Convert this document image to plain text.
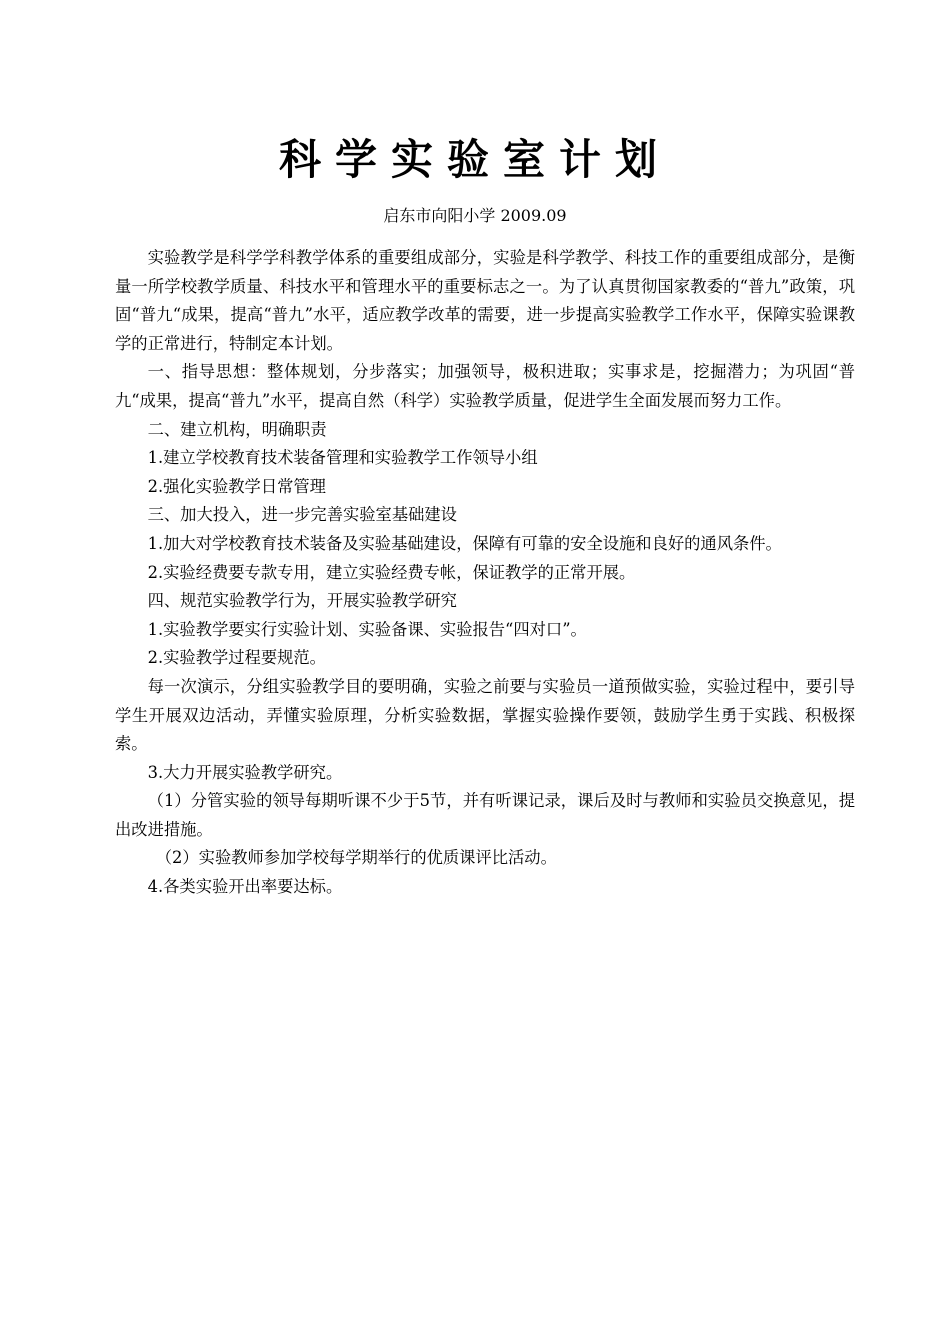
科学实验室计划
启东市向阳小学 2009.09

实验教学是科学学科教学体系的重要组成部分，实验是科学教学、科技工作的重要组成部分，是衡量一所学校教学质量、科技水平和管理水平的重要标志之一。为了认真贯彻国家教委的“普九”政策，巩固“普九“成果，提高“普九”水平，适应教学改革的需要，进一步提高实验教学工作水平，保障实验课教学的正常进行，特制定本计划。

一、指导思想：整体规划，分步落实；加强领导，极积进取；实事求是，挖掘潜力；为巩固“普九“成果，提高“普九”水平，提高自然（科学）实验教学质量，促进学生全面发展而努力工作。

二、建立机构，明确职责

1.建立学校教育技术装备管理和实验教学工作领导小组

2.强化实验教学日常管理

三、加大投入，进一步完善实验室基础建设

1.加大对学校教育技术装备及实验基础建设，保障有可靠的安全设施和良好的通风条件。

2.实验经费要专款专用，建立实验经费专帐，保证教学的正常开展。

四、规范实验教学行为，开展实验教学研究

1.实验教学要实行实验计划、实验备课、实验报告“四对口”。

2.实验教学过程要规范。

每一次演示，分组实验教学目的要明确，实验之前要与实验员一道预做实验，实验过程中，要引导学生开展双边活动，弄懂实验原理，分析实验数据，掌握实验操作要领，鼓励学生勇于实践、积极探索。

3.大力开展实验教学研究。

（1）分管实验的领导每期听课不少于5节，并有听课记录，课后及时与教师和实验员交换意见，提出改进措施。

（2）实验教师参加学校每学期举行的优质课评比活动。

4.各类实验开出率要达标。
